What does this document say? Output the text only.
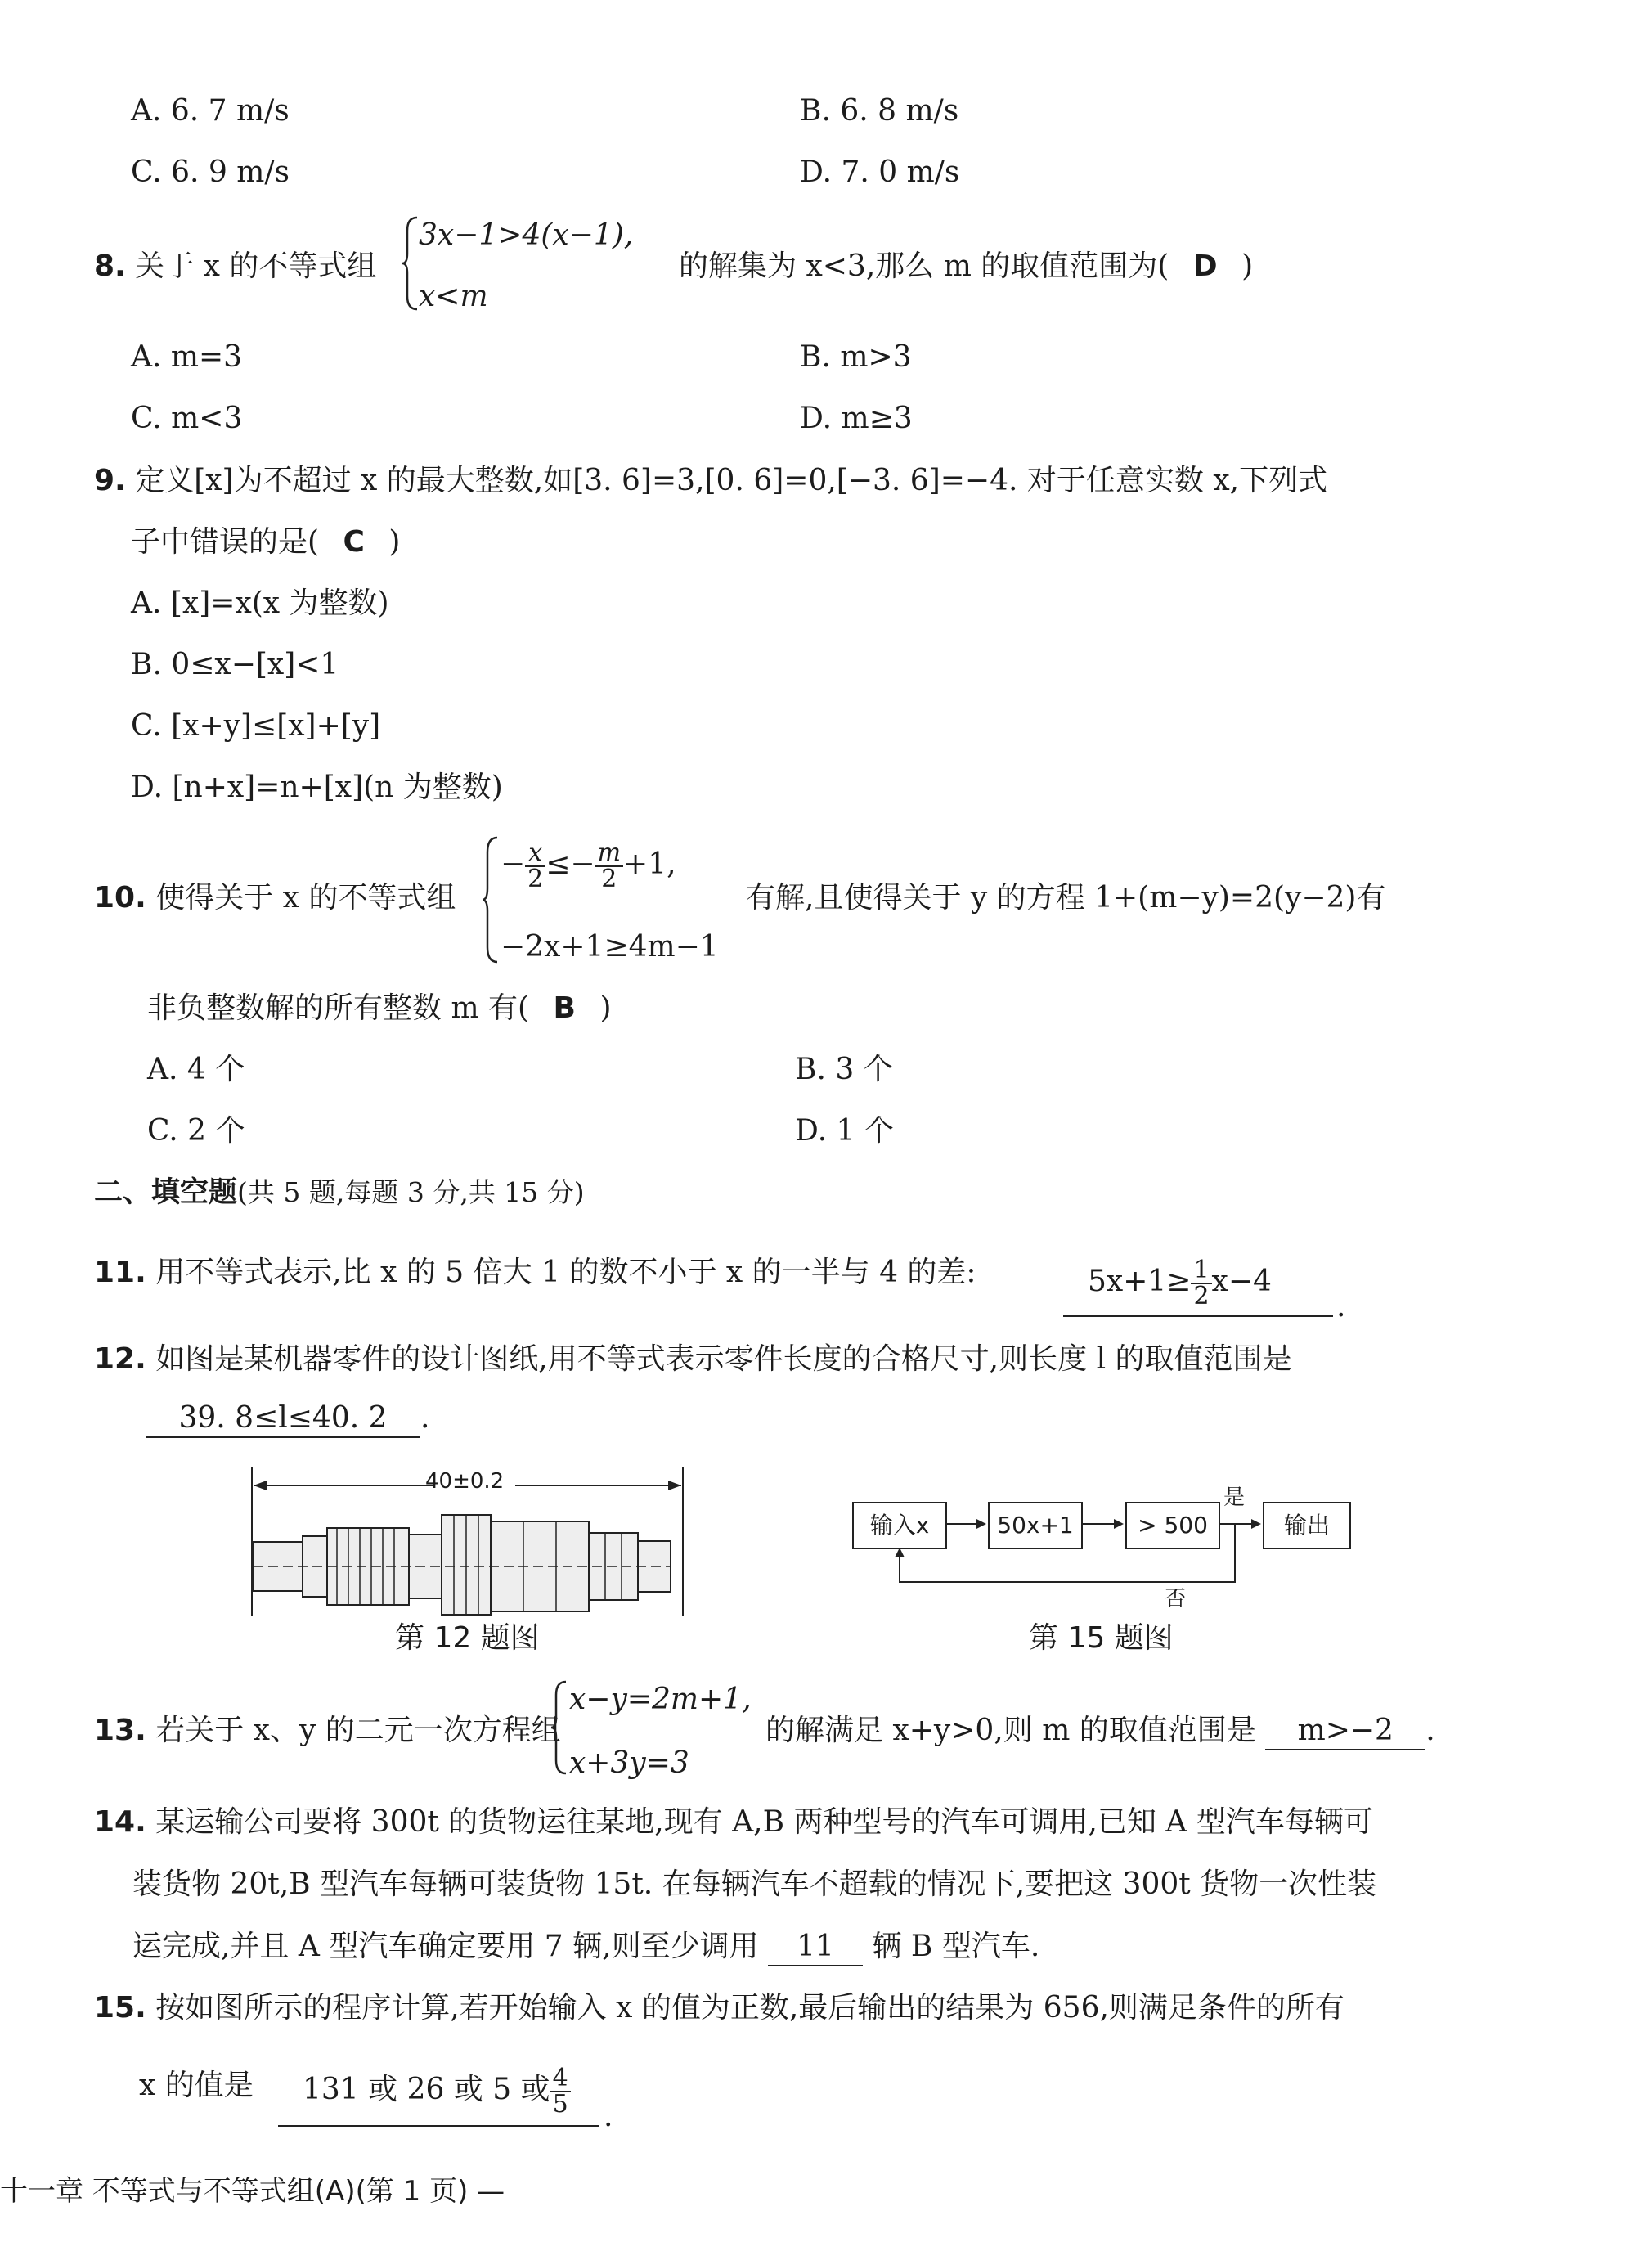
A. 6. 7 m/s	B. 6. 8 m/s
C. 6. 9 m/s	D. 7. 0 m/s
8. 关于 x 的不等式组
3x−1>4(x−1),
x<m
的解集为 x<3,那么 m 的取值范围为( D )
A. m=3	B. m>3
C. m<3	D. m≥3
9. 定义[x]为不超过 x 的最大整数,如[3. 6]=3,[0. 6]=0,[−3. 6]=−4. 对于任意实数 x,下列式
子中错误的是( C )
A. [x]=x(x 为整数)
B. 0≤x−[x]<1
C. [x+y]≤[x]+[y]
D. [n+x]=n+[x](n 为整数)
10. 使得关于 x 的不等式组
− $\frac{x}{2} \le- \frac{m}{2} +1$,
−2x+1≥4m−1
有解,且使得关于 y 的方程 1+(m−y)=2(y−2)有
非负整数解的所有整数 m 有( B )
A. 4 个	B. 3 个
C. 2 个	D. 1 个
二、填空题(共 5 题,每题 3 分,共 15 分)
11. 用不等式表示,比 x 的 5 倍大 1 的数不小于 x 的一半与 4 的差:	$5x+1\ge \frac{1}{2} x-4$
.
12. 如图是某机器零件的设计图纸,用不等式表示零件长度的合格尺寸,则长度 l 的取值范围是
39. 8≤l≤40. 2 .
40±0.2
第 12 题图
输入x	50x+1	> 500	输出
是
否
第 15 题图
13. 若关于 x、y 的二元一次方程组
x−y=2m+1,
x+3y=3
的解满足 x+y>0,则 m 的取值范围是 m>−2 .
14. 某运输公司要将 300t 的货物运往某地,现有 A,B 两种型号的汽车可调用,已知 A 型汽车每辆可
装货物 20t,B 型汽车每辆可装货物 15t. 在每辆汽车不超载的情况下,要把这 300t 货物一次性装
运完成,并且 A 型汽车确定要用 7 辆,则至少调用 11 辆 B 型汽车.
15. 按如图所示的程序计算,若开始输入 x 的值为正数,最后输出的结果为 656,则满足条件的所有
x 的值是 131 或 26 或 5 或 $\frac{4}{5}$ .
十一章 不等式与不等式组(A)(第 1 页) —
